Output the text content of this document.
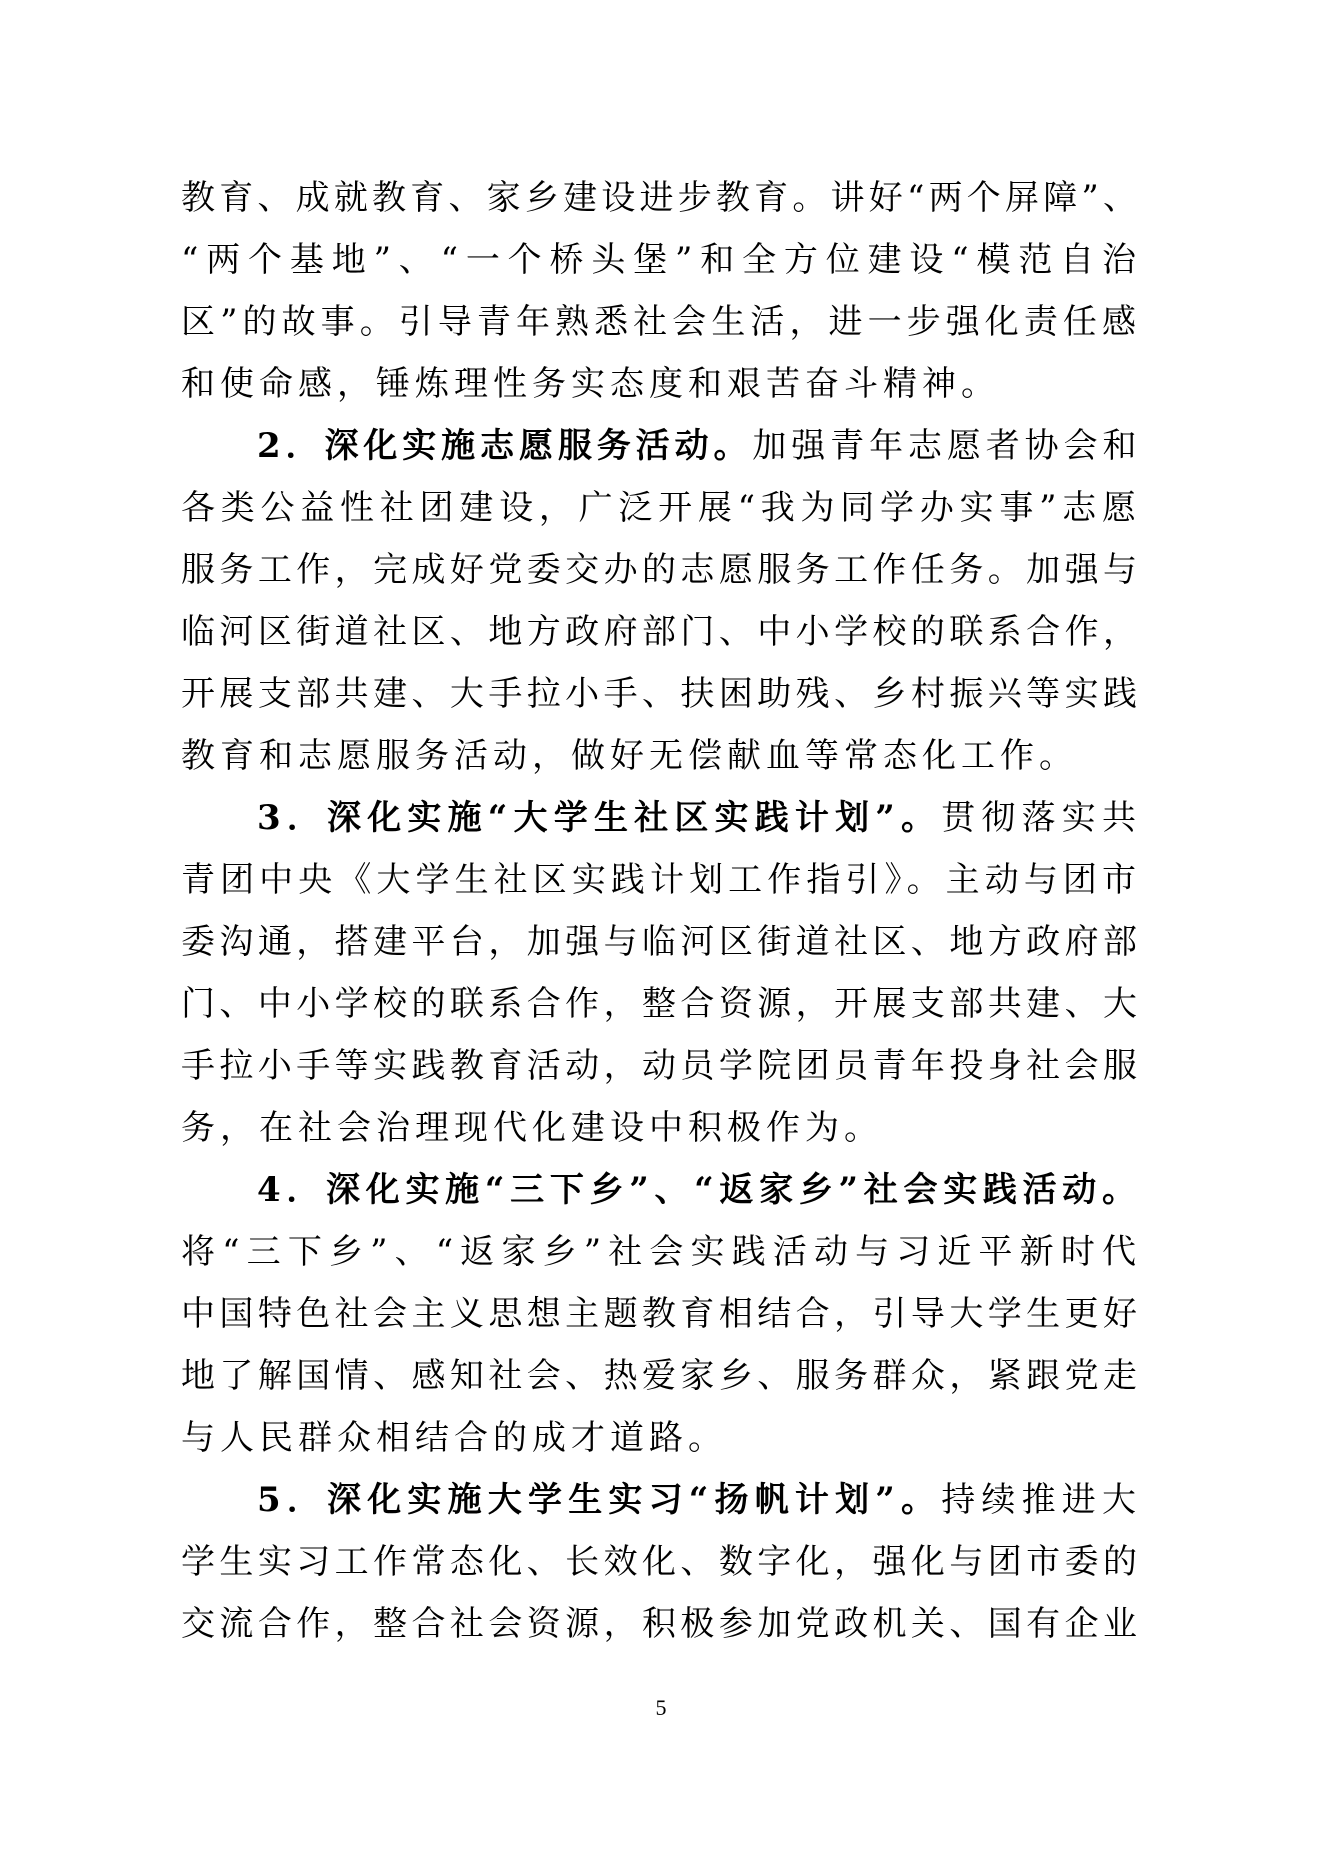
教育、成就教育、家乡建设进步教育。讲好“两个屏障”、
“两个基地”、“一个桥头堡”和全方位建设“模范自治
区”的故事。引导青年熟悉社会生活，进一步强化责任感
和使命感，锤炼理性务实态度和艰苦奋斗精神。
2．深化实施志愿服务活动。加强青年志愿者协会和
各类公益性社团建设，广泛开展“我为同学办实事”志愿
服务工作，完成好党委交办的志愿服务工作任务。加强与
临河区街道社区、地方政府部门、中小学校的联系合作，
开展支部共建、大手拉小手、扶困助残、乡村振兴等实践
教育和志愿服务活动，做好无偿献血等常态化工作。
3．深化实施“大学生社区实践计划”。贯彻落实共
青团中央《大学生社区实践计划工作指引》。主动与团市
委沟通，搭建平台，加强与临河区街道社区、地方政府部
门、中小学校的联系合作，整合资源，开展支部共建、大
手拉小手等实践教育活动，动员学院团员青年投身社会服
务，在社会治理现代化建设中积极作为。
4．深化实施“三下乡”、“返家乡”社会实践活动。
将“三下乡”、“返家乡”社会实践活动与习近平新时代
中国特色社会主义思想主题教育相结合，引导大学生更好
地了解国情、感知社会、热爱家乡、服务群众，紧跟党走
与人民群众相结合的成才道路。
5．深化实施大学生实习“扬帆计划”。持续推进大
学生实习工作常态化、长效化、数字化，强化与团市委的
交流合作，整合社会资源，积极参加党政机关、国有企业
5
